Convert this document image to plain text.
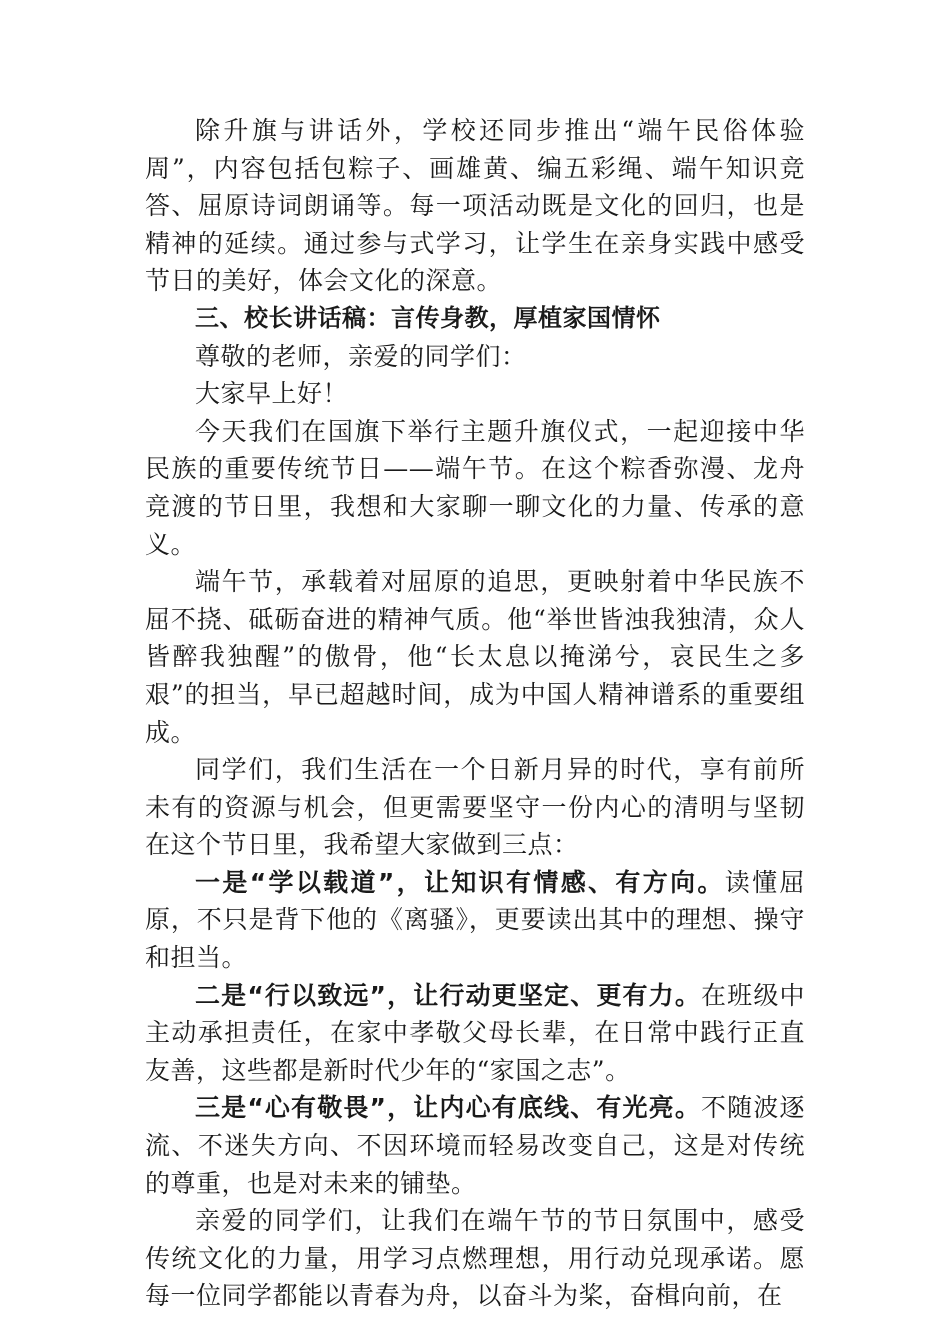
除升旗与讲话外，学校还同步推出“端午民俗体验周”，内容包括包粽子、画雄黄、编五彩绳、端午知识竞答、屈原诗词朗诵等。每一项活动既是文化的回归，也是精神的延续。通过参与式学习，让学生在亲身实践中感受节日的美好，体会文化的深意。

三、校长讲话稿：言传身教，厚植家国情怀

尊敬的老师，亲爱的同学们：

大家早上好！

今天我们在国旗下举行主题升旗仪式，一起迎接中华民族的重要传统节日——端午节。在这个粽香弥漫、龙舟竞渡的节日里，我想和大家聊一聊文化的力量、传承的意义。

端午节，承载着对屈原的追思，更映射着中华民族不屈不挠、砥砺奋进的精神气质。他“举世皆浊我独清，众人皆醉我独醒”的傲骨，他“长太息以掩涕兮，哀民生之多艰”的担当，早已超越时间，成为中国人精神谱系的重要组成。

同学们，我们生活在一个日新月异的时代，享有前所未有的资源与机会，但更需要坚守一份内心的清明与坚韧在这个节日里，我希望大家做到三点：

一是“学以载道”，让知识有情感、有方向。读懂屈原，不只是背下他的《离骚》，更要读出其中的理想、操守和担当。

二是“行以致远”，让行动更坚定、更有力。在班级中主动承担责任，在家中孝敬父母长辈，在日常中践行正直友善，这些都是新时代少年的“家国之志”。

三是“心有敬畏”，让内心有底线、有光亮。不随波逐流、不迷失方向、不因环境而轻易改变自己，这是对传统的尊重，也是对未来的铺垫。

亲爱的同学们，让我们在端午节的节日氛围中，感受传统文化的力量，用学习点燃理想，用行动兑现承诺。愿每一位同学都能以青春为舟，以奋斗为桨，奋楫向前，在
